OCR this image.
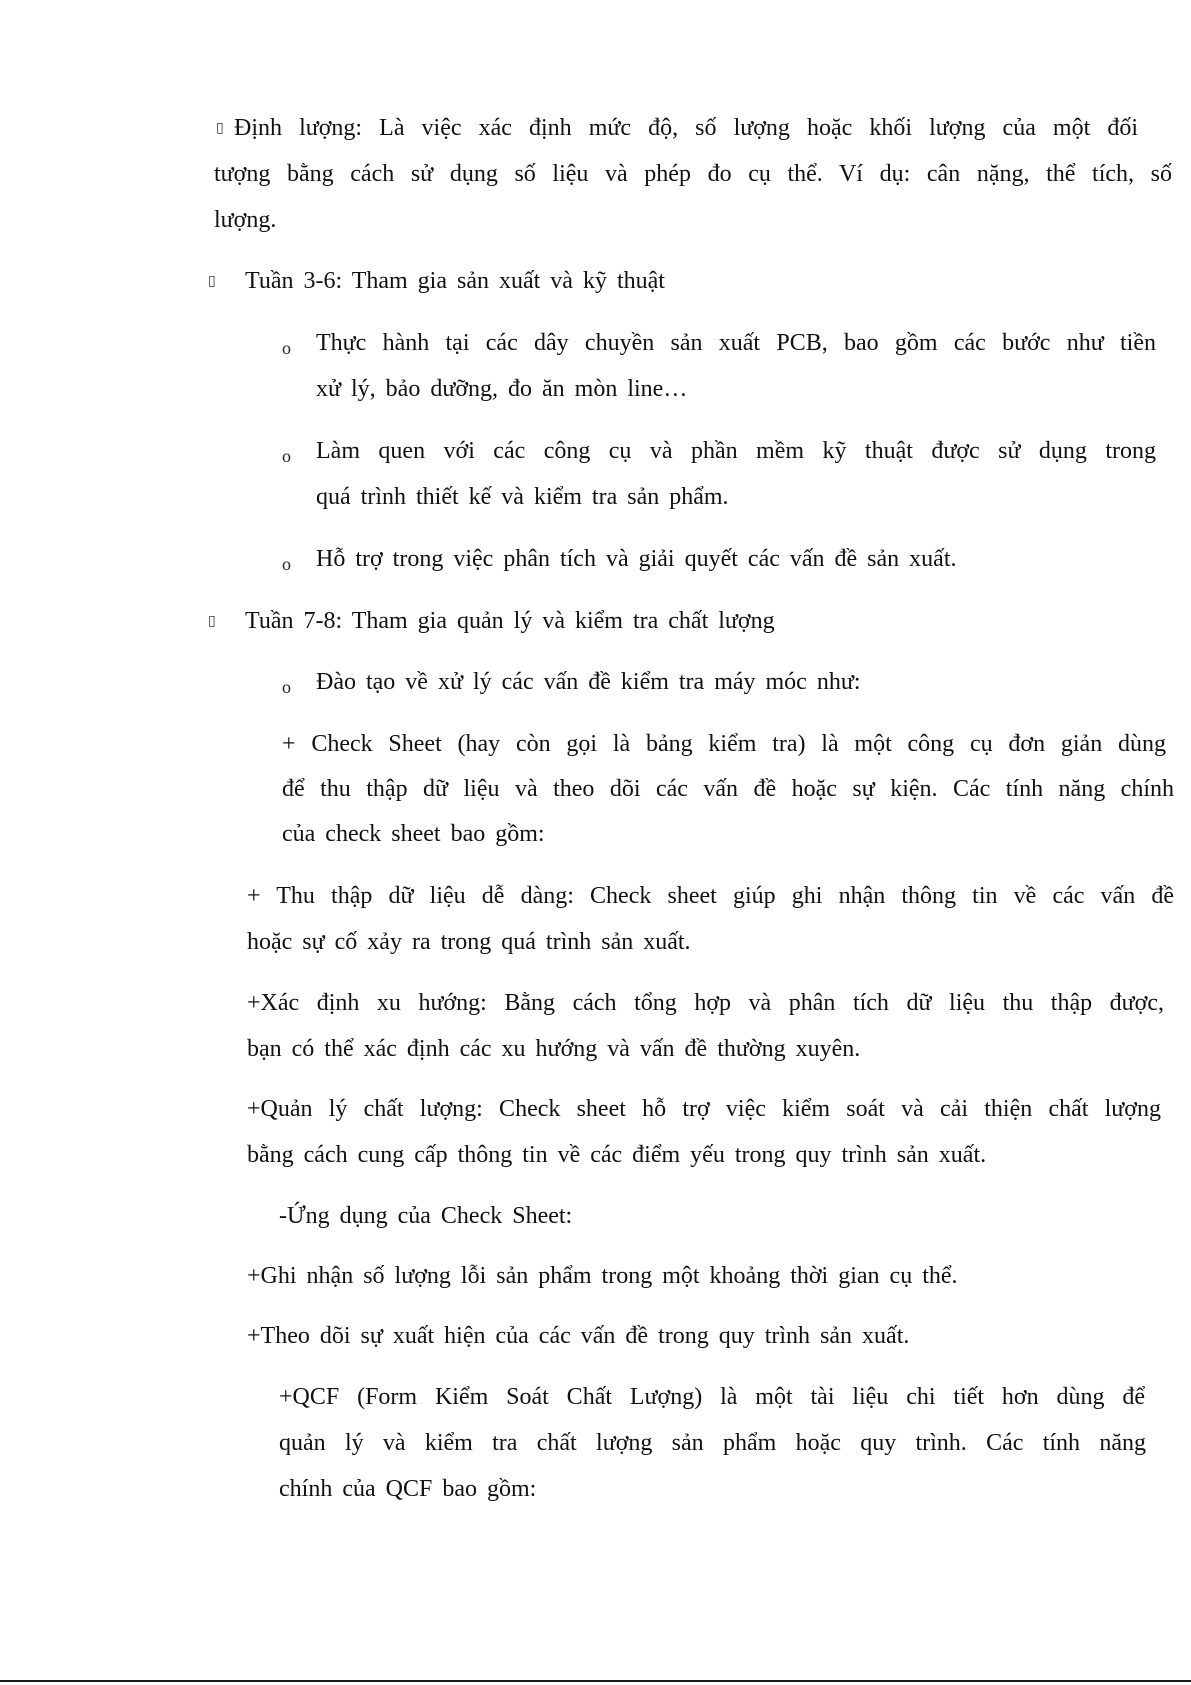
▯ Định lượng: Là việc xác định mức độ, số lượng hoặc khối lượng của một đối
tượng bằng cách sử dụng số liệu và phép đo cụ thể. Ví dụ: cân nặng, thể tích, số
lượng.
▯ Tuần 3-6: Tham gia sản xuất và kỹ thuật
o Thực hành tại các dây chuyền sản xuất PCB, bao gồm các bước như tiền
xử lý, bảo dưỡng, đo ăn mòn line…
o Làm quen với các công cụ và phần mềm kỹ thuật được sử dụng trong
quá trình thiết kế và kiểm tra sản phẩm.
o Hỗ trợ trong việc phân tích và giải quyết các vấn đề sản xuất.
▯ Tuần 7-8: Tham gia quản lý và kiểm tra chất lượng
o Đào tạo về xử lý các vấn đề kiểm tra máy móc như:
+ Check Sheet (hay còn gọi là bảng kiểm tra) là một công cụ đơn giản dùng
để thu thập dữ liệu và theo dõi các vấn đề hoặc sự kiện. Các tính năng chính
của check sheet bao gồm:
+ Thu thập dữ liệu dễ dàng: Check sheet giúp ghi nhận thông tin về các vấn đề
hoặc sự cố xảy ra trong quá trình sản xuất.
+Xác định xu hướng: Bằng cách tổng hợp và phân tích dữ liệu thu thập được,
bạn có thể xác định các xu hướng và vấn đề thường xuyên.
+Quản lý chất lượng: Check sheet hỗ trợ việc kiểm soát và cải thiện chất lượng
bằng cách cung cấp thông tin về các điểm yếu trong quy trình sản xuất.
-Ứng dụng của Check Sheet:
+Ghi nhận số lượng lỗi sản phẩm trong một khoảng thời gian cụ thể.
+Theo dõi sự xuất hiện của các vấn đề trong quy trình sản xuất.
+QCF (Form Kiểm Soát Chất Lượng) là một tài liệu chi tiết hơn dùng để
quản lý và kiểm tra chất lượng sản phẩm hoặc quy trình. Các tính năng
chính của QCF bao gồm:
